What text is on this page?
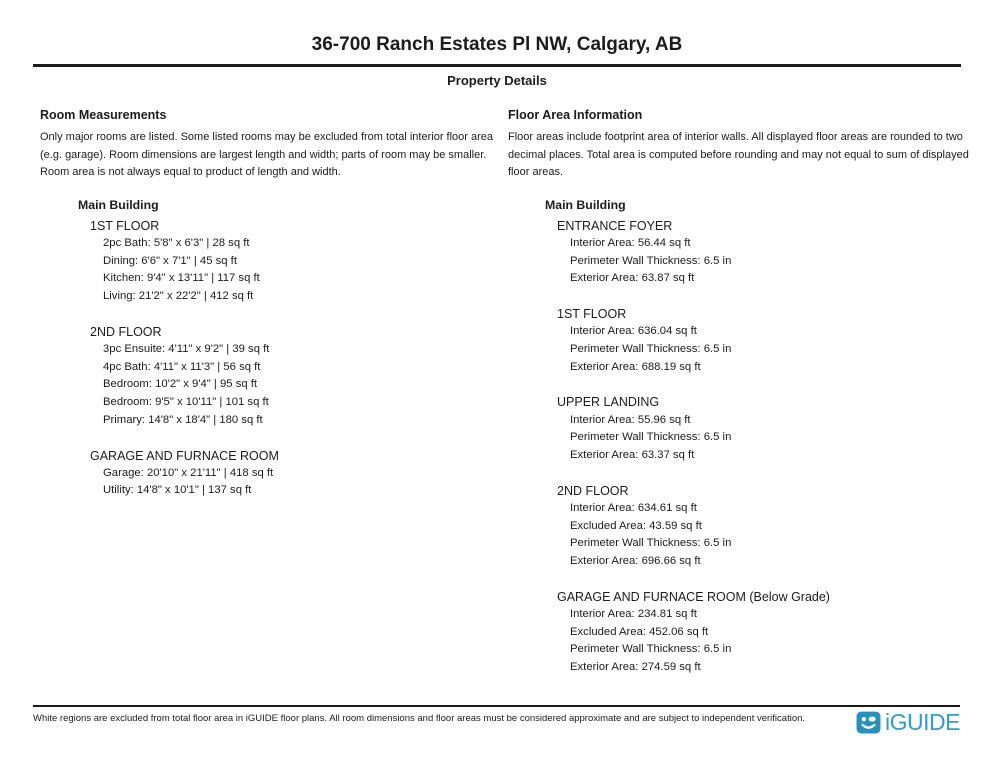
36-700 Ranch Estates Pl NW, Calgary, AB
Property Details
Room Measurements
Only major rooms are listed. Some listed rooms may be excluded from total interior floor area
(e.g. garage). Room dimensions are largest length and width; parts of room may be smaller.
Room area is not always equal to product of length and width.
Main Building
1ST FLOOR
2pc Bath: 5'8" x 6'3" | 28 sq ft
Dining: 6'6" x 7'1" | 45 sq ft
Kitchen: 9'4" x 13'11" | 117 sq ft
Living: 21'2" x 22'2" | 412 sq ft
2ND FLOOR
3pc Ensuite: 4'11" x 9'2" | 39 sq ft
4pc Bath: 4'11" x 11'3" | 56 sq ft
Bedroom: 10'2" x 9'4" | 95 sq ft
Bedroom: 9'5" x 10'11" | 101 sq ft
Primary: 14'8" x 18'4" | 180 sq ft
GARAGE AND FURNACE ROOM
Garage: 20'10" x 21'11" | 418 sq ft
Utility: 14'8" x 10'1" | 137 sq ft
Floor Area Information
Floor areas include footprint area of interior walls. All displayed floor areas are rounded to two
decimal places. Total area is computed before rounding and may not equal to sum of displayed
floor areas.
Main Building
ENTRANCE FOYER
Interior Area: 56.44 sq ft
Perimeter Wall Thickness: 6.5 in
Exterior Area: 63.87 sq ft
1ST FLOOR
Interior Area: 636.04 sq ft
Perimeter Wall Thickness: 6.5 in
Exterior Area: 688.19 sq ft
UPPER LANDING
Interior Area: 55.96 sq ft
Perimeter Wall Thickness: 6.5 in
Exterior Area: 63.37 sq ft
2ND FLOOR
Interior Area: 634.61 sq ft
Excluded Area: 43.59 sq ft
Perimeter Wall Thickness: 6.5 in
Exterior Area: 696.66 sq ft
GARAGE AND FURNACE ROOM (Below Grade)
Interior Area: 234.81 sq ft
Excluded Area: 452.06 sq ft
Perimeter Wall Thickness: 6.5 in
Exterior Area: 274.59 sq ft
White regions are excluded from total floor area in iGUIDE floor plans. All room dimensions and floor areas must be considered approximate and are subject to independent verification.	iGUIDE
